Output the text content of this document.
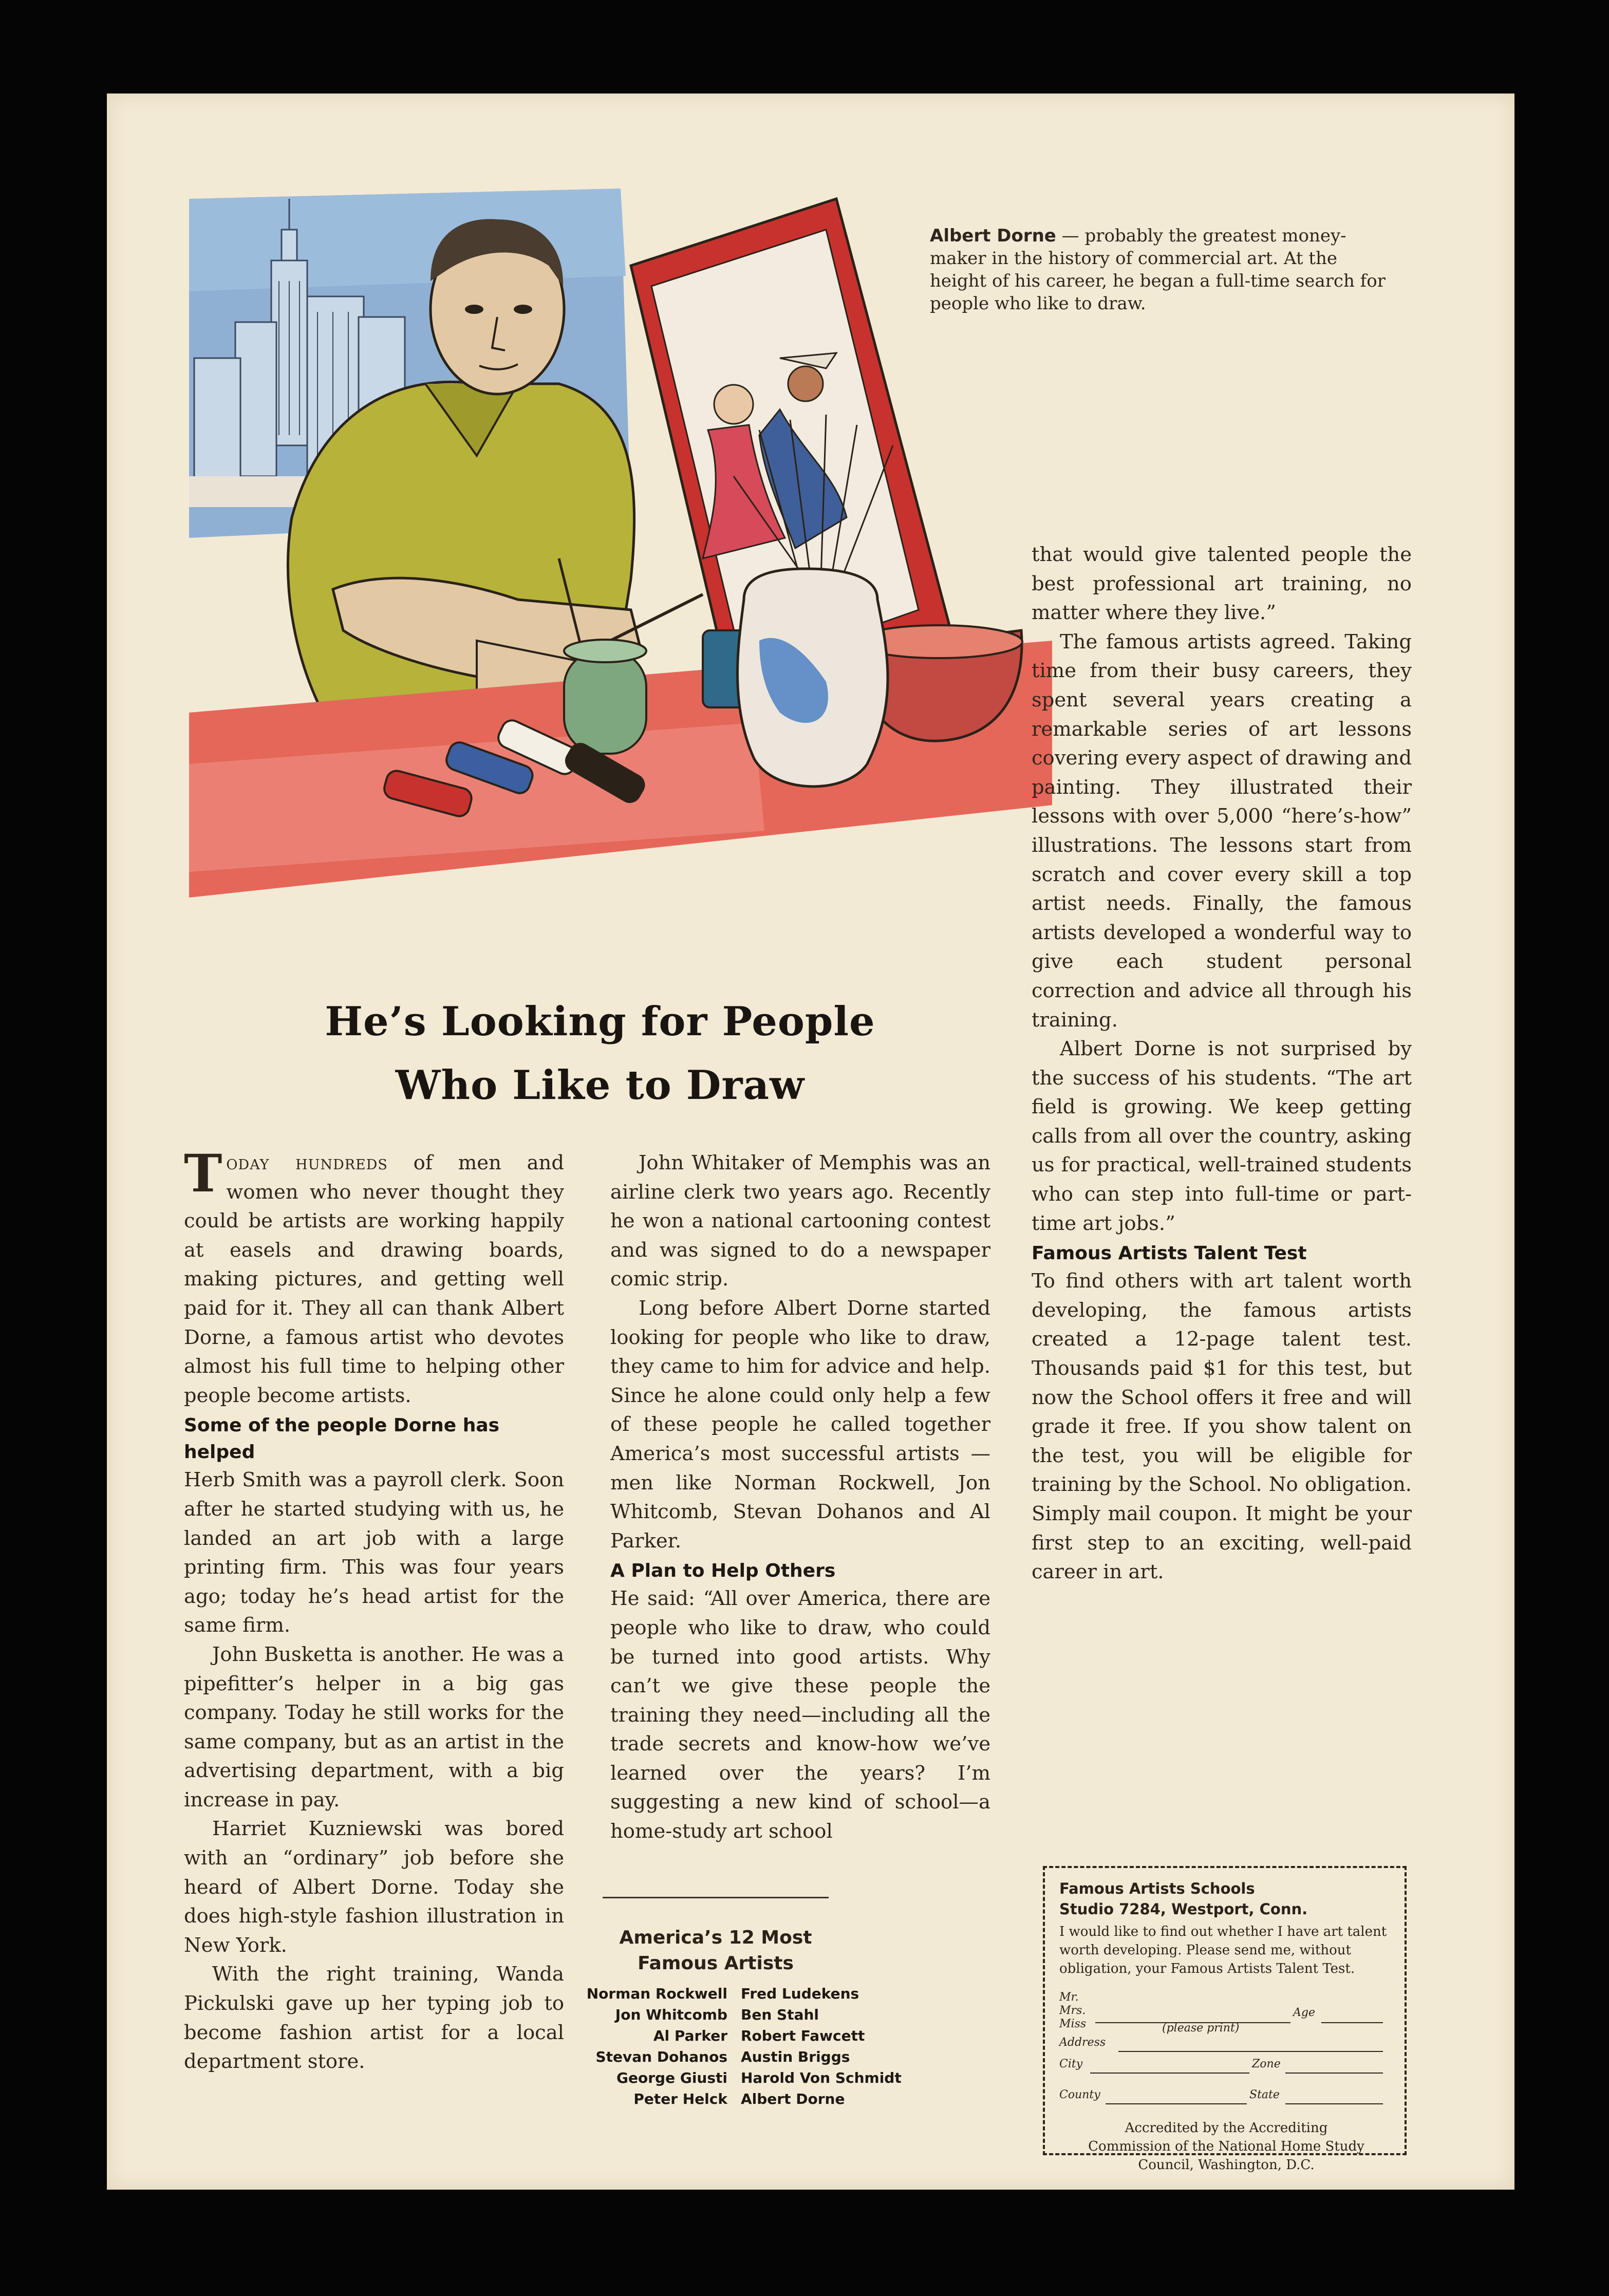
Albert Dorne — probably the greatest money-maker in the history of commercial art. At the height of his career, he began a full-time search for people who like to draw.
He’s Looking for People
Who Like to Draw

Today hundreds of men and women who never thought they could be artists are working happily at easels and drawing boards, making pictures, and getting well paid for it. They all can thank Albert Dorne, a famous artist who devotes almost his full time to helping other people become artists.

Some of the people Dorne has helped

Herb Smith was a payroll clerk. Soon after he started studying with us, he landed an art job with a large printing firm. This was four years ago; today he’s head artist for the same firm.

John Busketta is another. He was a pipefitter’s helper in a big gas company. Today he still works for the same company, but as an artist in the advertising department, with a big increase in pay.

Harriet Kuzniewski was bored with an “ordinary” job before she heard of Albert Dorne. Today she does high-style fashion illustration in New York.

With the right training, Wanda Pickulski gave up her typing job to become fashion artist for a local department store.

John Whitaker of Memphis was an airline clerk two years ago. Recently he won a national cartooning contest and was signed to do a newspaper comic strip.

Long before Albert Dorne started looking for people who like to draw, they came to him for advice and help. Since he alone could only help a few of these people he called together America’s most successful artists —men like Norman Rockwell, Jon Whitcomb, Stevan Dohanos and Al Parker.

A Plan to Help Others

He said: “All over America, there are people who like to draw, who could be turned into good artists. Why can’t we give these people the training they need—including all the trade secrets and know-how we’ve learned over the years? I’m suggesting a new kind of school—a home-study art school

America’s 12 Most
Famous Artists
Norman Rockwell
Jon Whitcomb
Al Parker
Stevan Dohanos
George Giusti
Peter Helck
Fred Ludekens
Ben Stahl
Robert Fawcett
Austin Briggs
Harold Von Schmidt
Albert Dorne

that would give talented people the best professional art training, no matter where they live.”

The famous artists agreed. Taking time from their busy careers, they spent several years creating a remarkable series of art lessons covering every aspect of drawing and painting. They illustrated their lessons with over 5,000 “here’s-how” illustrations. The lessons start from scratch and cover every skill a top artist needs. Finally, the famous artists developed a wonderful way to give each student personal correction and advice all through his training.

Albert Dorne is not surprised by the success of his students. “The art field is growing. We keep getting calls from all over the country, asking us for practical, well-trained students who can step into full-time or part-time art jobs.”

Famous Artists Talent Test

To find others with art talent worth developing, the famous artists created a 12-page talent test. Thousands paid $1 for this test, but now the School offers it free and will grade it free. If you show talent on the test, you will be eligible for training by the School. No obligation. Simply mail coupon. It might be your first step to an exciting, well-paid career in art.

Famous Artists Schools
Studio 7284, Westport, Conn.
I would like to find out whether I have art talent worth developing. Please send me, without obligation, your Famous Artists Talent Test.
Mr.
Mrs.
Miss
Age
(please print)
Address
City	Zone
County	State
Accredited by the Accrediting Commission of the National Home Study Council, Washington, D.C.
